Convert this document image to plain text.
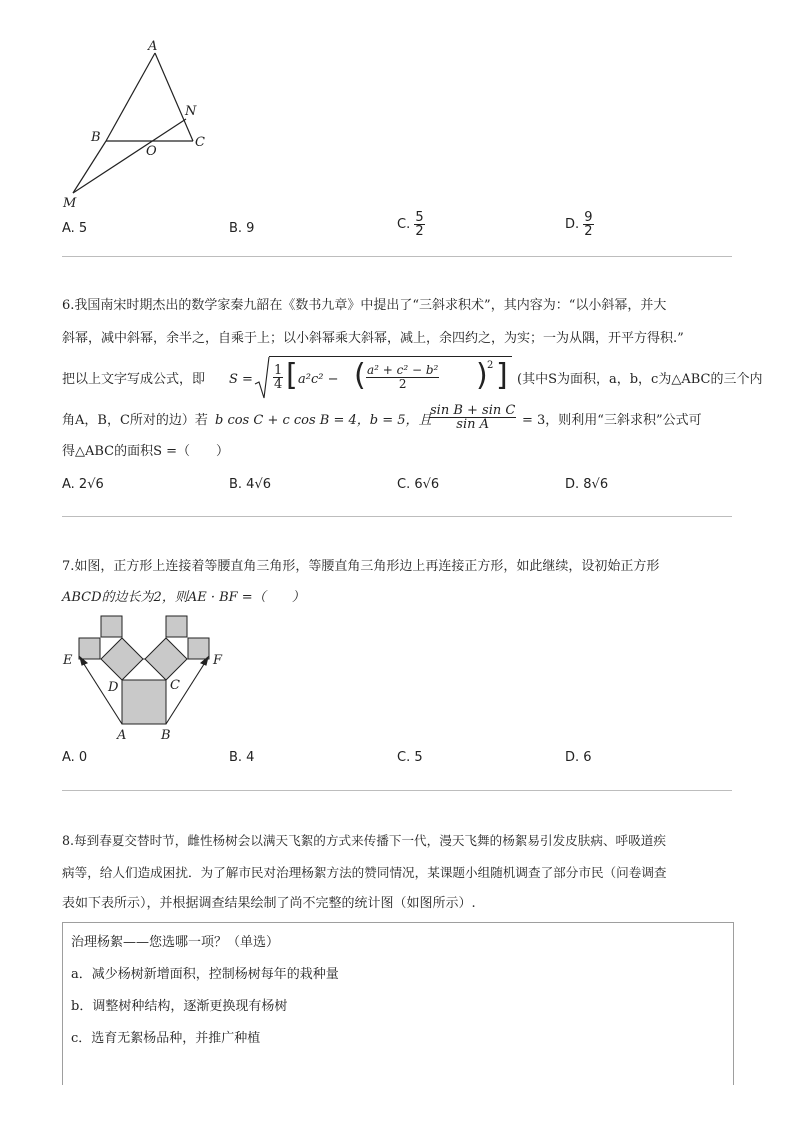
A
N
B
O
C
M
A. 5	B. 9	C. $\frac{5}{2}$	D. $\frac{9}{2}$
6.我国南宋时期杰出的数学家秦九韶在《数书九章》中提出了“三斜求积术”，其内容为：“以小斜幂，并大
斜幂，减中斜幂，余半之，自乘于上；以小斜幂乘大斜幂，减上，余四约之，为实；一为从隅，开平方得积.”
把以上文字写成公式，即 $S = \frac{1}{4}$ [ a²c² − ( $\frac{\text{a² + c² − b²}}{2}$ ) 2 ] (其中S为面积，a，b，c为△ABC的三个内
角A，B，C所对的边）若 b cos C + c cos B = 4，b = 5，且
$\frac{\text{sin B + sin C}}{\text{sin A}} = 3$，则利用“三斜求积”公式可
得△ABC的面积S =（　　）
A. 2√6	B. 4√6	C. 6√6	D. 8√6
7.如图，正方形上连接着等腰直角三角形，等腰直角三角形边上再连接正方形，如此继续，设初始正方形
ABCD的边长为2，则AE · BF =（　　）
E	F
D	C
A	B
A. 0	B. 4	C. 5	D. 6
8.每到春夏交替时节，雌性杨树会以满天飞絮的方式来传播下一代，漫天飞舞的杨絮易引发皮肤病、呼吸道疾
病等，给人们造成困扰．为了解市民对治理杨絮方法的赞同情况，某课题小组随机调查了部分市民（问卷调查
表如下表所示），并根据调查结果绘制了尚不完整的统计图（如图所示）.
治理杨絮——您选哪一项？（单选）
a．减少杨树新增面积，控制杨树每年的栽种量
b．调整树种结构，逐渐更换现有杨树
c．选育无絮杨品种，并推广种植
